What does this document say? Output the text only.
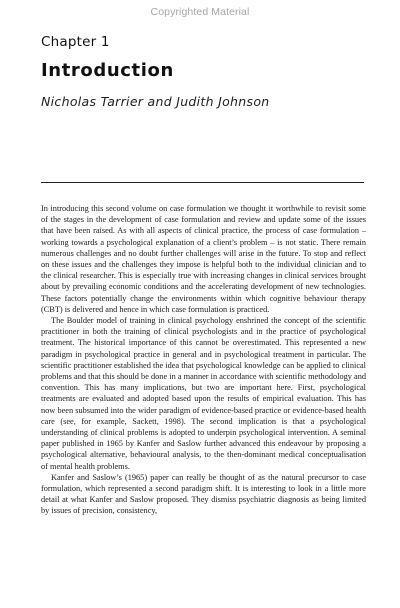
Copyrighted Material
Chapter 1
Introduction
Nicholas Tarrier and Judith Johnson

In introducing this second volume on case formulation we thought it worthwhile to revisit some of the stages in the development of case formulation and review and update some of the issues that have been raised. As with all aspects of clinical practice, the process of case formulation – working towards a psychological explanation of a client’s problem – is not static. There remain numerous challenges and no doubt further challenges will arise in the future. To stop and reflect on these issues and the challenges they impose is helpful both to the individual clinician and to the clinical researcher. This is especially true with increasing changes in clinical services brought about by prevailing economic conditions and the accelerating development of new technologies. These factors potentially change the environments within which cognitive behaviour therapy (CBT) is delivered and hence in which case formulation is practiced.

The Boulder model of training in clinical psychology enshrined the concept of the scientific practitioner in both the training of clinical psychologists and in the practice of psychological treatment. The historical importance of this cannot be overestimated. This represented a new paradigm in psychological practice in general and in psychological treatment in particular. The scientific practitioner established the idea that psychological knowledge can be applied to clinical problems and that this should be done in a manner in accordance with scientific methodology and convention. This has many implications, but two are important here. First, psychological treatments are evaluated and adopted based upon the results of empirical evaluation. This has now been subsumed into the wider paradigm of evidence-based practice or evidence-based health care (see, for example, Sackett, 1998). The second implication is that a psychological understanding of clinical problems is adopted to underpin psychological intervention. A seminal paper published in 1965 by Kanfer and Saslow further advanced this endeavour by proposing a psychological alternative, behavioural analysis, to the then-dominant medical conceptualisation of mental health problems.

Kanfer and Saslow’s (1965) paper can really be thought of as the natural precursor to case formulation, which represented a second paradigm shift. It is interesting to look in a little more detail at what Kanfer and Saslow proposed. They dismiss psychiatric diagnosis as being limited by issues of precision, consistency,
